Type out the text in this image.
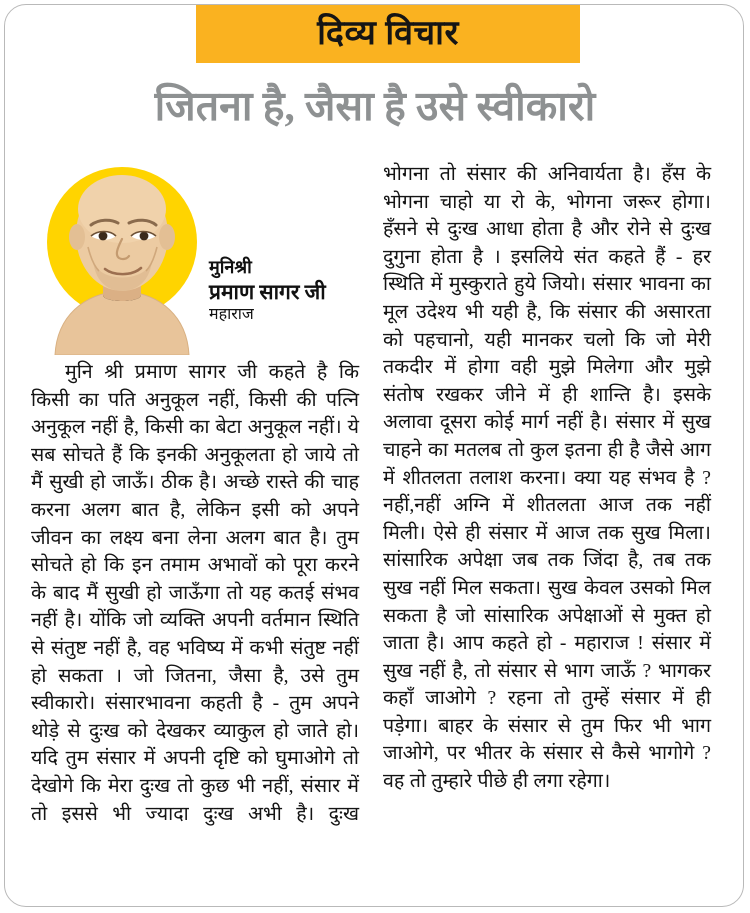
दिव्य विचार
जितना है, जैसा है उसे स्वीकारो
मुनिश्री
प्रमाण सागर जी
महाराज

मुनि श्री प्रमाण सागर जी कहते है कि किसी का पति अनुकूल नहीं, किसी की पत्नि अनुकूल नहीं है, किसी का बेटा अनुकूल नहीं। ये सब सोचते हैं कि इनकी अनुकूलता हो जाये तो मैं सुखी हो जाऊँ। ठीक है। अच्छे रास्ते की चाह करना अलग बात है, लेकिन इसी को अपने जीवन का लक्ष्य बना लेना अलग बात है। तुम सोचते हो कि इन तमाम अभावों को पूरा करने के बाद मैं सुखी हो जाऊँगा तो यह कतई संभव नहीं है। योंकि जो व्यक्ति अपनी वर्तमान स्थिति से संतुष्ट नहीं है, वह भविष्य में कभी संतुष्ट नहीं हो सकता । जो जितना, जैसा है, उसे तुम स्वीकारो। संसारभावना कहती है - तुम अपने थोड़े से दुःख को देखकर व्याकुल हो जाते हो। यदि तुम संसार में अपनी दृष्टि को घुमाओगे तो देखोगे कि मेरा दुःख तो कुछ भी नहीं, संसार में तो इससे भी ज्यादा दुःख अभी है। दुःख

भोगना तो संसार की अनिवार्यता है। हँस के भोगना चाहो या रो के, भोगना जरूर होगा। हँसने से दुःख आधा होता है और रोने से दुःख दुगुना होता है । इसलिये संत कहते हैं - हर स्थिति में मुस्कुराते हुये जियो। संसार भावना का मूल उदेश्य भी यही है, कि संसार की असारता को पहचानो, यही मानकर चलो कि जो मेरी तकदीर में होगा वही मुझे मिलेगा और मुझे संतोष रखकर जीने में ही शान्ति है। इसके अलावा दूसरा कोई मार्ग नहीं है। संसार में सुख चाहने का मतलब तो कुल इतना ही है जैसे आग में शीतलता तलाश करना। क्या यह संभव है ? नहीं,नहीं अग्नि में शीतलता आज तक नहीं मिली। ऐसे ही संसार में आज तक सुख मिला। सांसारिक अपेक्षा जब तक जिंदा है, तब तक सुख नहीं मिल सकता। सुख केवल उसको मिल सकता है जो सांसारिक अपेक्षाओं से मुक्त हो जाता है। आप कहते हो - महाराज ! संसार में सुख नहीं है, तो संसार से भाग जाऊँ ? भागकर कहाँ जाओगे ? रहना तो तुम्हें संसार में ही पड़ेगा। बाहर के संसार से तुम फिर भी भाग जाओगे, पर भीतर के संसार से कैसे भागोगे ? वह तो तुम्हारे पीछे ही लगा रहेगा।
